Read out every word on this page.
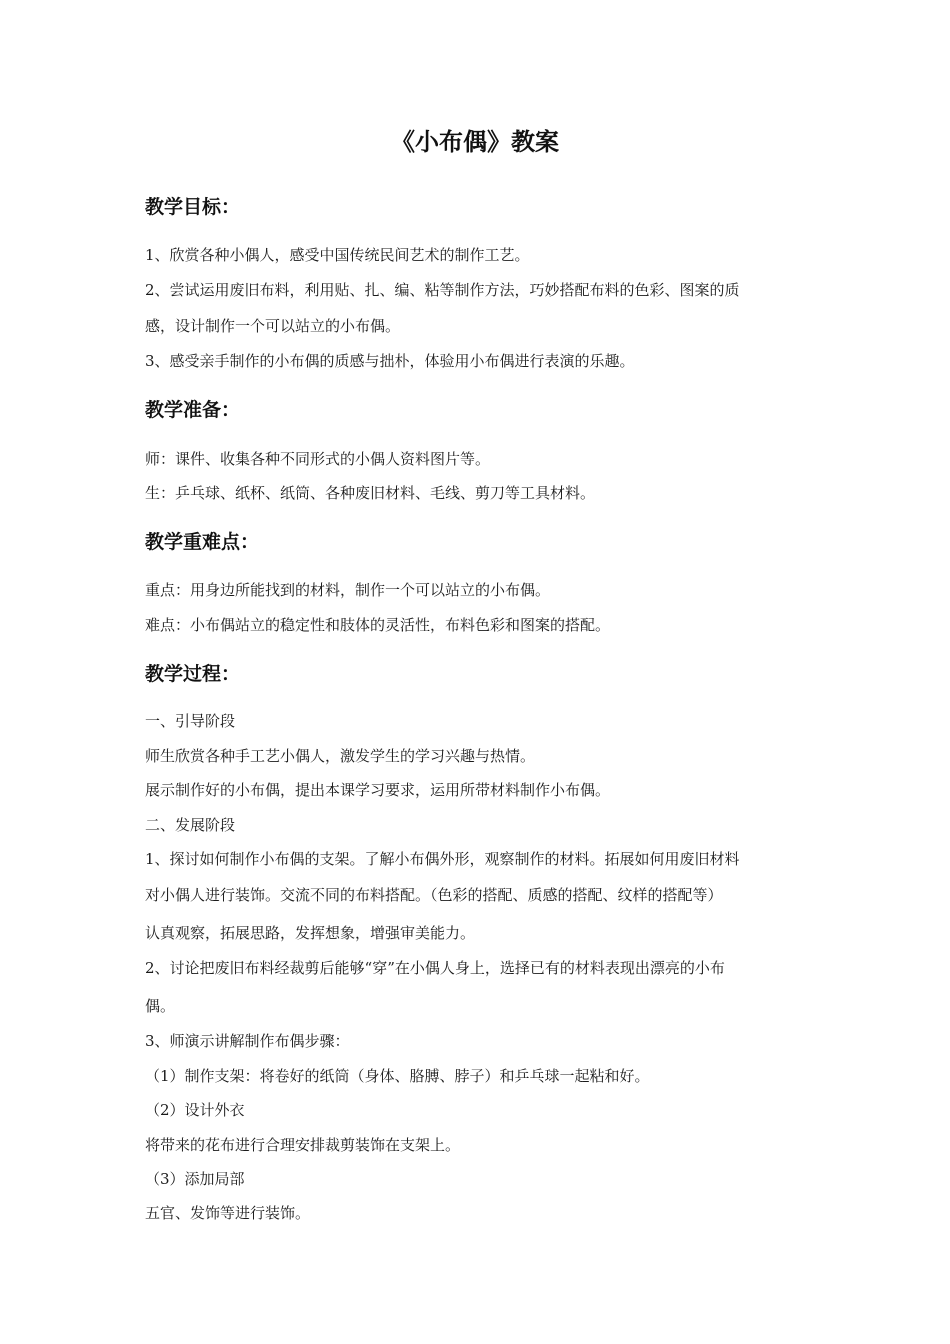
《小布偶》教案
教学目标：
1、欣赏各种小偶人，感受中国传统民间艺术的制作工艺。
2、尝试运用废旧布料，利用贴、扎、编、粘等制作方法，巧妙搭配布料的色彩、图案的质
感，设计制作一个可以站立的小布偶。
3、感受亲手制作的小布偶的质感与拙朴，体验用小布偶进行表演的乐趣。
教学准备：
师：课件、收集各种不同形式的小偶人资料图片等。
生：乒乓球、纸杯、纸筒、各种废旧材料、毛线、剪刀等工具材料。
教学重难点：
重点：用身边所能找到的材料，制作一个可以站立的小布偶。
难点：小布偶站立的稳定性和肢体的灵活性，布料色彩和图案的搭配。
教学过程：
一、引导阶段
师生欣赏各种手工艺小偶人，激发学生的学习兴趣与热情。
展示制作好的小布偶，提出本课学习要求，运用所带材料制作小布偶。
二、发展阶段
1、探讨如何制作小布偶的支架。了解小布偶外形，观察制作的材料。拓展如何用废旧材料
对小偶人进行装饰。交流不同的布料搭配。（色彩的搭配、质感的搭配、纹样的搭配等）
认真观察，拓展思路，发挥想象，增强审美能力。
2、讨论把废旧布料经裁剪后能够“穿”在小偶人身上，选择已有的材料表现出漂亮的小布
偶。
3、师演示讲解制作布偶步骤：
（1）制作支架：将卷好的纸筒（身体、胳膊、脖子）和乒乓球一起粘和好。
（2）设计外衣
将带来的花布进行合理安排裁剪装饰在支架上。
（3）添加局部
五官、发饰等进行装饰。
